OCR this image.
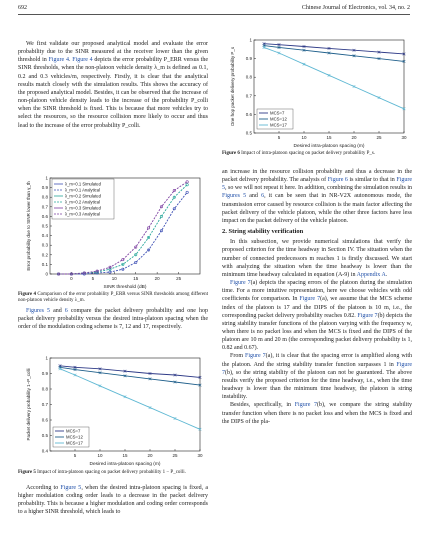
692	Chinese Journal of Electronics, vol. 34, no. 2

We first validate our proposed analytical model and evaluate the error probability due to the SINR measured at the receiver lower than the given threshold in Figure 4. Figure 4 depicts the error probability P_ERR versus the SINR thresholds, when the non-platoon vehicle density λ_m is defined as 0.1, 0.2 and 0.3 vehicles/m, respectively. Firstly, it is clear that the analytical results match closely with the simulation results. This shows the accuracy of the proposed analytical model. Besides, it can be observed that the increase of non-platoon vehicle density leads to the increase of the probability P_colli when the SINR threshold is fixed. This is because that more vehicles try to select the resources, so the resource collision more likely to occur and thus lead to the increase of the error probability P_colli.

0	5	10	15	20	25
0
0.1
0.2
0.3
0.4
0.5
0.6
0.7
0.8
0.9
1
SINR threshold (dB)
Error probability due to SINR lower than γ_th	λ_m=0.1 Simulated
λ_m=0.1 Analytical
λ_m=0.2 Simulated
λ_m=0.2 Analytical
λ_m=0.3 Simulated
λ_m=0.3 Analytical
Figure 4 Comparison of the error probability P_ERR versus SINR thresholds among different non-platoon vehicle density λ_m.

Figures 5 and 6 compare the packet delivery probability and one hop packet delivery probability versus the desired intra-platoon spacing when the order of the modulation coding scheme is 7, 12 and 17, respectively.

5	10	15	20	25	30
0.4
0.5
0.6
0.7
0.8
0.9
1
Desired intra-platoon spacing (m)
Packet delivery probability 1−P_colli	MCS=7
MCS=12
MCS=17
Figure 5 Impact of intra-platoon spacing on packet delivery probability 1 − P_colli.

According to Figure 5, when the desired intra-platoon spacing is fixed, a higher modulation coding order leads to a decrease in the packet delivery probability. This is because a higher modulation and coding order corresponds to a higher SINR threshold, which leads to

5	10	15	20	25	30
0.5
0.6
0.7
0.8
0.9
1
Desired intra-platoon spacing (m)
One hop packet delivery probability P_s	MCS=7
MCS=12
MCS=17
Figure 6 Impact of intra-platoon spacing on packet delivery probability P_s.

an increase in the resource collision probability and thus a decrease in the packet delivery probability. The analysis of Figure 6 is similar to that in Figure 5, so we will not repeat it here. In addition, combining the simulation results in Figures 5 and 6, it can be seen that in NR-V2X autonomous mode, the transmission error caused by resource collision is the main factor affecting the packet delivery of the vehicle platoon, while the other three factors have less impact on the packet delivery of the vehicle platoon.

2. String stability verification

In this subsection, we provide numerical simulations that verify the proposed criterion for the time headway in Section IV. The situation when the number of connected predecessors m reaches 1 is firstly discussed. We start with analyzing the situation when the time headway is lower than the minimum time headway calculated in equation (A-9) in Appendix A.

Figure 7(a) depicts the spacing errors of the platoon during the simulation time. For a more intuitive representation, here we choose vehicles with odd coefficients for comparison. In Figure 7(a), we assume that the MCS scheme index of the platoon is 17 and the DIPS of the platoon is 10 m, i.e., the corresponding packet delivery probability reaches 0.82. Figure 7(b) depicts the string stability transfer functions of the platoon varying with the frequency w, when there is no packet loss and when the MCS is fixed and the DIPS of the platoon are 10 m and 20 m (the corresponding packet delivery probability is 1, 0.82 and 0.67).

From Figure 7(a), it is clear that the spacing error is amplified along with the platoon. And the string stability transfer function surpasses 1 in Figure 7(b), so the string stability of the platoon can not be guaranteed. The above results verify the proposed criterion for the time headway, i.e., when the time headway is lower than the minimum time headway, the platoon is string instability.

Besides, specifically, in Figure 7(b), we compare the string stability transfer function when there is no packet loss and when the MCS is fixed and the DIPS of the pla-
